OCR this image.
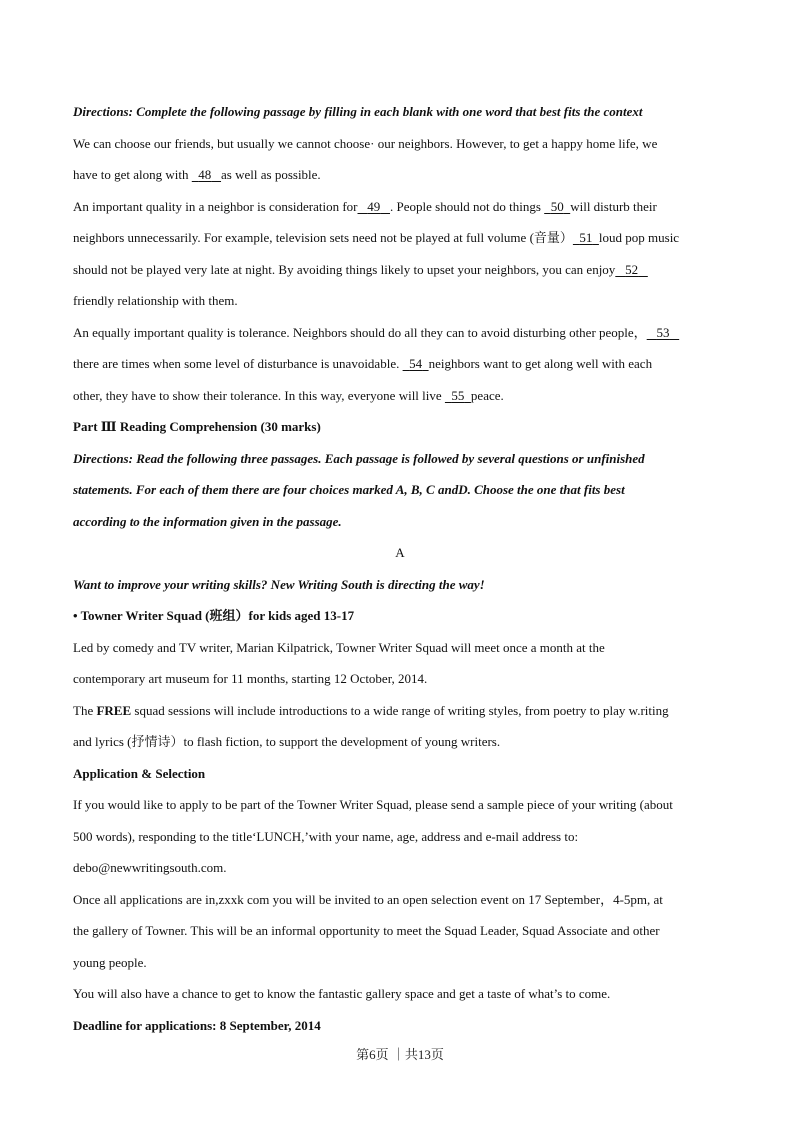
Directions: Complete the following passage by filling in each blank with one word that best fits the context
We can choose our friends, but usually we cannot choose· our neighbors. However, to get a happy home life, we
have to get along with   48 as well as possible.
An important quality in a neighbor is consideration for 49 . People should not do things   50 will disturb their
neighbors unnecessarily. For example, television sets need not be played at full volume (音量） 51 loud pop music
should not be played very late at night. By avoiding things likely to upset your neighbors, you can enjoy 52
friendly relationship with them.
An equally important quality is tolerance. Neighbors should do all they can to avoid disturbing other people， 53
there are times when some level of disturbance is unavoidable.   54 neighbors want to get along well with each
other, they have to show their tolerance. In this way, everyone will live   55 peace.
Part Ⅲ Reading Comprehension (30 marks)
Directions: Read the following three passages. Each passage is followed by several questions or unfinished
statements. For each of them there are four choices marked A, B, C andD. Choose the one that fits best
according to the information given in the passage.
A
Want to improve your writing skills? New Writing South is directing the way!
• Towner Writer Squad (班组）for kids aged 13-17
Led by comedy and TV writer, Marian Kilpatrick, Towner Writer Squad will meet once a month at the
contemporary art museum for 11 months, starting 12 October, 2014.
The FREE squad sessions will include introductions to a wide range of writing styles, from poetry to play w.riting
and lyrics (抒情诗）to flash fiction, to support the development of young writers.
Application & Selection
If you would like to apply to be part of the Towner Writer Squad, please send a sample piece of your writing (about
500 words), responding to the title‘LUNCH,’with your name, age, address and e-mail address to:
debo@newwritingsouth.com.
Once all applications are in,zxxk com you will be invited to an open selection event on 17 September，4-5pm, at
the gallery of Towner. This will be an informal opportunity to meet the Squad Leader, Squad Associate and other
young people.
You will also have a chance to get to know the fantastic gallery space and get a taste of what’s to come.
Deadline for applications: 8 September, 2014
第6页 ｜共13页
